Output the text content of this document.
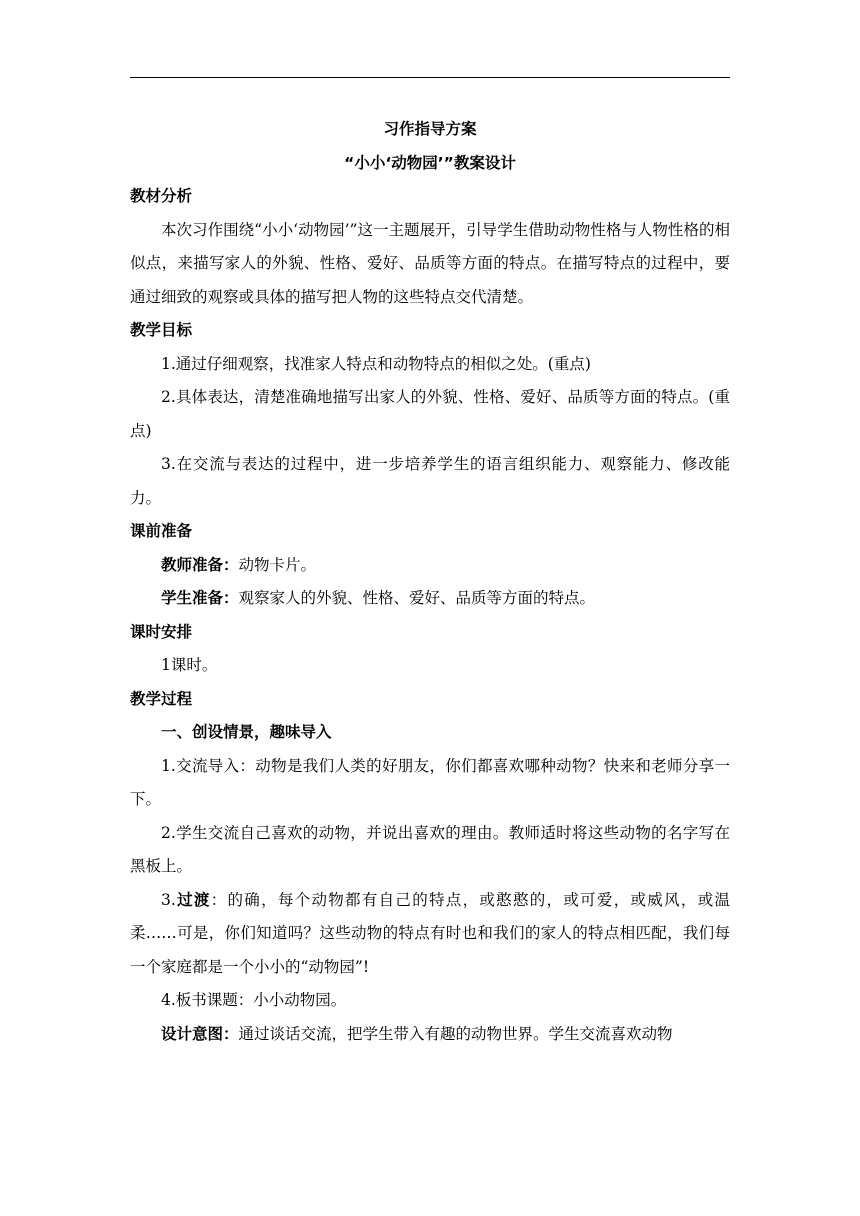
习作指导方案

“小小‘动物园’”教案设计

教材分析

本次习作围绕“小小‘动物园’”这一主题展开，引导学生借助动物性格与人物性格的相似点，来描写家人的外貌、性格、爱好、品质等方面的特点。在描写特点的过程中，要通过细致的观察或具体的描写把人物的这些特点交代清楚。

教学目标

1.通过仔细观察，找准家人特点和动物特点的相似之处。(重点)

2.具体表达，清楚准确地描写出家人的外貌、性格、爱好、品质等方面的特点。(重点)

3.在交流与表达的过程中，进一步培养学生的语言组织能力、观察能力、修改能力。

课前准备

教师准备：动物卡片。

学生准备：观察家人的外貌、性格、爱好、品质等方面的特点。

课时安排

1课时。

教学过程

一、创设情景，趣味导入

1.交流导入：动物是我们人类的好朋友，你们都喜欢哪种动物？快来和老师分享一下。

2.学生交流自己喜欢的动物，并说出喜欢的理由。教师适时将这些动物的名字写在黑板上。

3.过渡：的确，每个动物都有自己的特点，或憨憨的，或可爱，或威风，或温柔……可是，你们知道吗？这些动物的特点有时也和我们的家人的特点相匹配，我们每一个家庭都是一个小小的“动物园”!

4.板书课题：小小动物园。

设计意图：通过谈话交流，把学生带入有趣的动物世界。学生交流喜欢动物
